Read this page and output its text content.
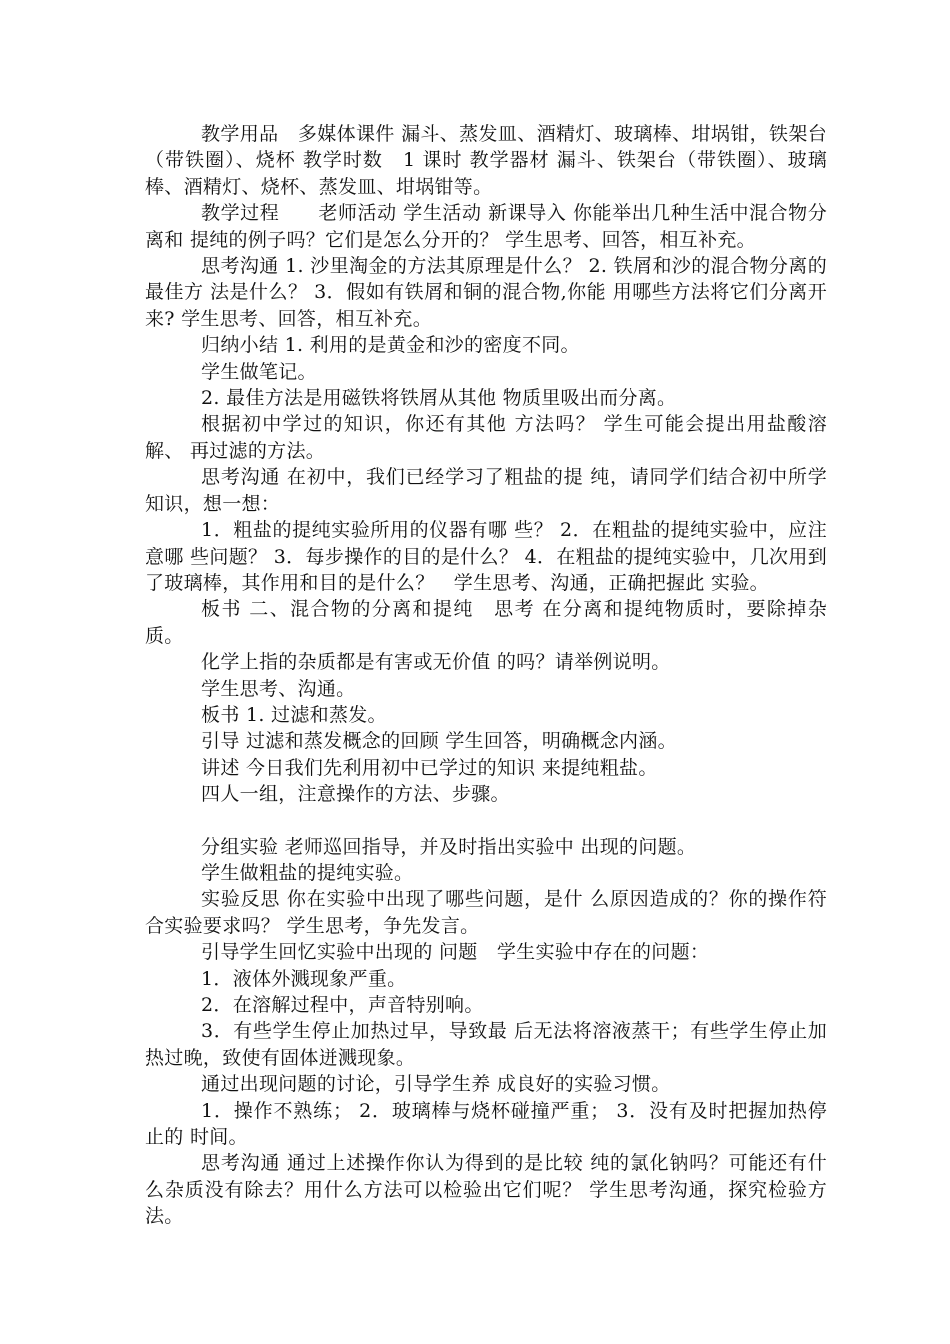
教学用品　多媒体课件 漏斗、蒸发皿、酒精灯、玻璃棒、坩埚钳，铁架台（带铁圈）、烧杯 教学时数　1 课时 教学器材 漏斗、铁架台（带铁圈）、玻璃棒、酒精灯、烧杯、蒸发皿、坩埚钳等。

教学过程　　老师活动 学生活动 新课导入 你能举出几种生活中混合物分离和 提纯的例子吗？它们是怎么分开的？ 学生思考、回答，相互补充。

思考沟通 1. 沙里淘金的方法其原理是什么？ 2. 铁屑和沙的混合物分离的最佳方 法是什么？ 3．假如有铁屑和铜的混合物,你能 用哪些方法将它们分离开来? 学生思考、回答，相互补充。

归纳小结 1. 利用的是黄金和沙的密度不同。

学生做笔记。

2. 最佳方法是用磁铁将铁屑从其他 物质里吸出而分离。

根据初中学过的知识，你还有其他 方法吗？ 学生可能会提出用盐酸溶解、 再过滤的方法。

思考沟通 在初中，我们已经学习了粗盐的提 纯，请同学们结合初中所学知识，想一想：

1．粗盐的提纯实验所用的仪器有哪 些？ 2．在粗盐的提纯实验中，应注意哪 些问题？ 3．每步操作的目的是什么？ 4．在粗盐的提纯实验中，几次用到 了玻璃棒，其作用和目的是什么？　学生思考、沟通，正确把握此 实验。

板书 二、混合物的分离和提纯　思考 在分离和提纯物质时，要除掉杂质。

化学上指的杂质都是有害或无价值 的吗？请举例说明。

学生思考、沟通。

板书 1. 过滤和蒸发。

引导 过滤和蒸发概念的回顾 学生回答，明确概念内涵。

讲述 今日我们先利用初中已学过的知识 来提纯粗盐。

四人一组，注意操作的方法、步骤。

分组实验 老师巡回指导，并及时指出实验中 出现的问题。

学生做粗盐的提纯实验。

实验反思 你在实验中出现了哪些问题，是什 么原因造成的？你的操作符合实验要求吗？ 学生思考，争先发言。

引导学生回忆实验中出现的 问题　学生实验中存在的问题：

1．液体外溅现象严重。

2．在溶解过程中，声音特别响。

3．有些学生停止加热过早，导致最 后无法将溶液蒸干；有些学生停止加热过晚，致使有固体迸溅现象。

通过出现问题的讨论，引导学生养 成良好的实验习惯。

1．操作不熟练； 2．玻璃棒与烧杯碰撞严重； 3．没有及时把握加热停止的 时间。

思考沟通 通过上述操作你认为得到的是比较 纯的氯化钠吗？可能还有什么杂质没有除去？用什么方法可以检验出它们呢？ 学生思考沟通，探究检验方法。
